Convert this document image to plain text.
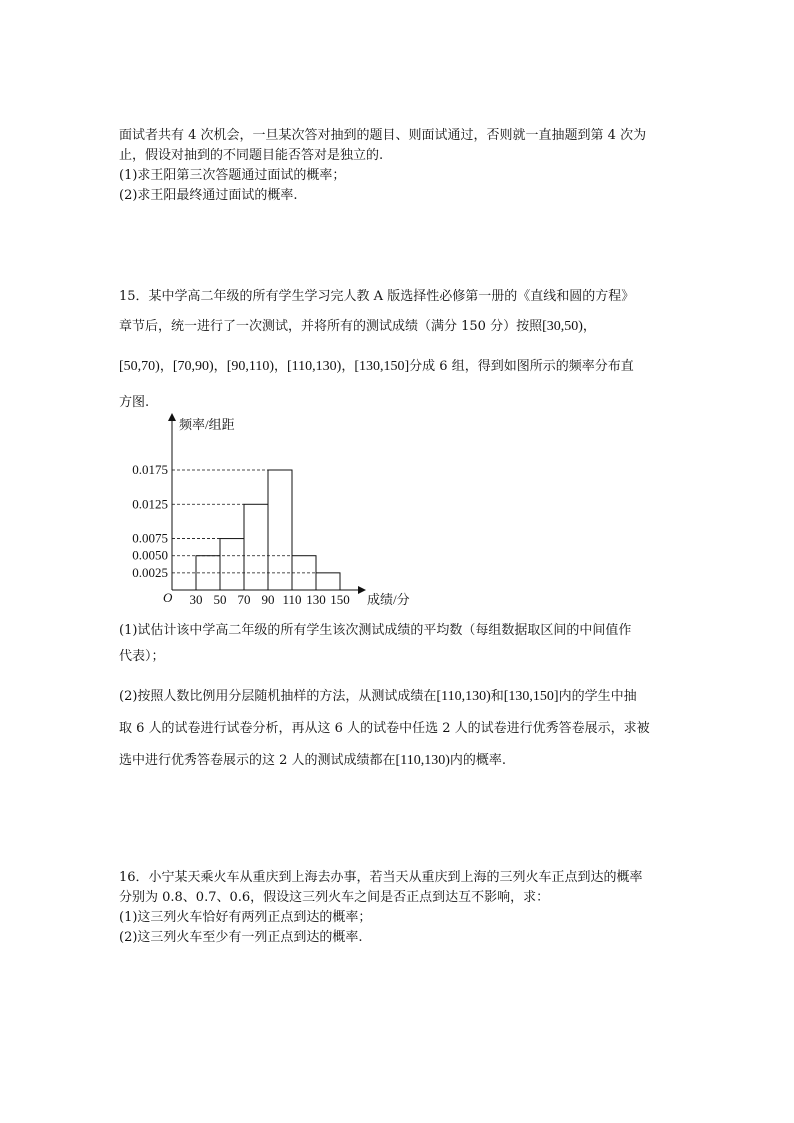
面试者共有 4 次机会，一旦某次答对抽到的题目、则面试通过，否则就一直抽题到第 4 次为
止，假设对抽到的不同题目能否答对是独立的.
(1)求王阳第三次答题通过面试的概率；
(2)求王阳最终通过面试的概率.
15．某中学高二年级的所有学生学习完人教 A 版选择性必修第一册的《直线和圆的方程》
章节后，统一进行了一次测试，并将所有的测试成绩（满分 150 分）按照[30,50)，
[50,70)，[70,90)，[90,110)，[110,130)，[130,150]分成 6 组，得到如图所示的频率分布直
方图.
频率/组距
成绩/分
O
0.0025
0.0050
0.0075
0.0125
0.0175
30 50 70 90 110 130 150
(1)试估计该中学高二年级的所有学生该次测试成绩的平均数（每组数据取区间的中间值作
代表）；
(2)按照人数比例用分层随机抽样的方法，从测试成绩在[110,130)和[130,150]内的学生中抽
取 6 人的试卷进行试卷分析，再从这 6 人的试卷中任选 2 人的试卷进行优秀答卷展示，求被
选中进行优秀答卷展示的这 2 人的测试成绩都在[110,130)内的概率.
16．小宁某天乘火车从重庆到上海去办事，若当天从重庆到上海的三列火车正点到达的概率
分别为 0.8、0.7、0.6，假设这三列火车之间是否正点到达互不影响，求：
(1)这三列火车恰好有两列正点到达的概率；
(2)这三列火车至少有一列正点到达的概率.
